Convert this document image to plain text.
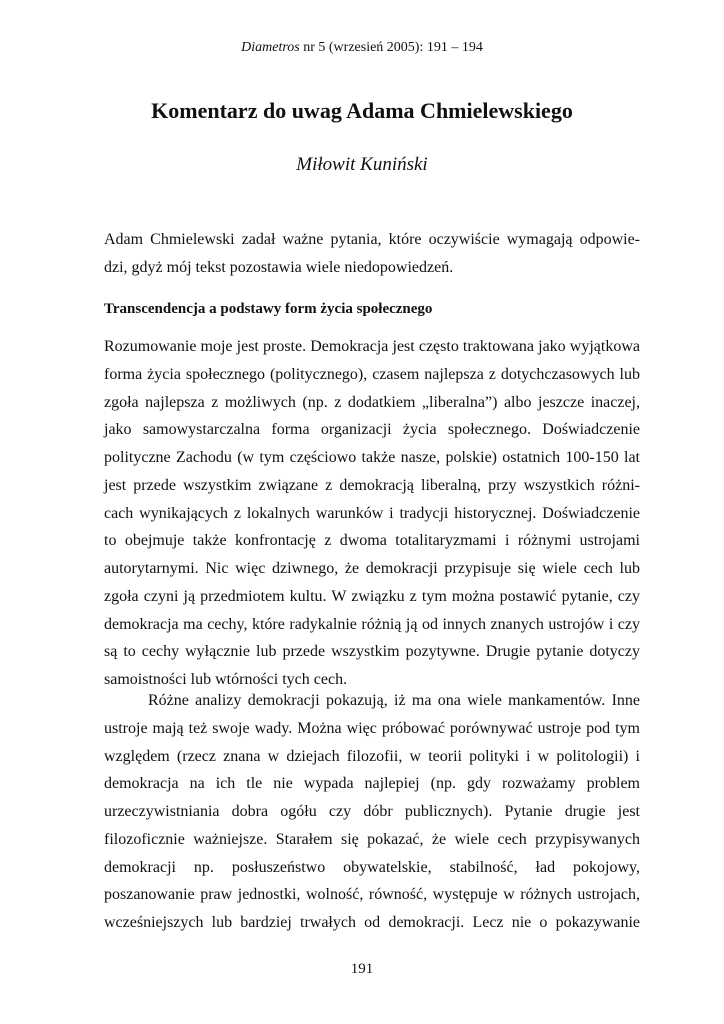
Diametros nr 5 (wrzesień 2005): 191 – 194
Komentarz do uwag Adama Chmielewskiego

Miłowit Kuniński

Adam Chmielewski zadał ważne pytania, które oczywiście wymagają odpowie-
dzi, gdyż mój tekst pozostawia wiele niedopowiedzeń.
Transcendencja a podstawy form życia społecznego
Rozumowanie moje jest proste. Demokracja jest często traktowana jako wyjątkowa
forma życia społecznego (politycznego), czasem najlepsza z dotychczasowych lub
zgoła najlepsza z możliwych (np. z dodatkiem „liberalna”) albo jeszcze inaczej,
jako samowystarczalna forma organizacji życia społecznego. Doświadczenie
polityczne Zachodu (w tym częściowo także nasze, polskie) ostatnich 100-150 lat
jest przede wszystkim związane z demokracją liberalną, przy wszystkich różni-
cach wynikających z lokalnych warunków i tradycji historycznej. Doświadczenie
to obejmuje także konfrontację z dwoma totalitaryzmami i różnymi ustrojami
autorytarnymi. Nic więc dziwnego, że demokracji przypisuje się wiele cech lub
zgoła czyni ją przedmiotem kultu. W związku z tym można postawić pytanie, czy
demokracja ma cechy, które radykalnie różnią ją od innych znanych ustrojów i czy
są to cechy wyłącznie lub przede wszystkim pozytywne. Drugie pytanie dotyczy
samoistności lub wtórności tych cech.
Różne analizy demokracji pokazują, iż ma ona wiele mankamentów. Inne
ustroje mają też swoje wady. Można więc próbować porównywać ustroje pod tym
względem (rzecz znana w dziejach filozofii, w teorii polityki i w politologii) i
demokracja na ich tle nie wypada najlepiej (np. gdy rozważamy problem
urzeczywistniania dobra ogółu czy dóbr publicznych). Pytanie drugie jest
filozoficznie ważniejsze. Starałem się pokazać, że wiele cech przypisywanych
demokracji np. posłuszeństwo obywatelskie, stabilność, ład pokojowy,
poszanowanie praw jednostki, wolność, równość, występuje w różnych ustrojach,
wcześniejszych lub bardziej trwałych od demokracji. Lecz nie o pokazywanie
191
